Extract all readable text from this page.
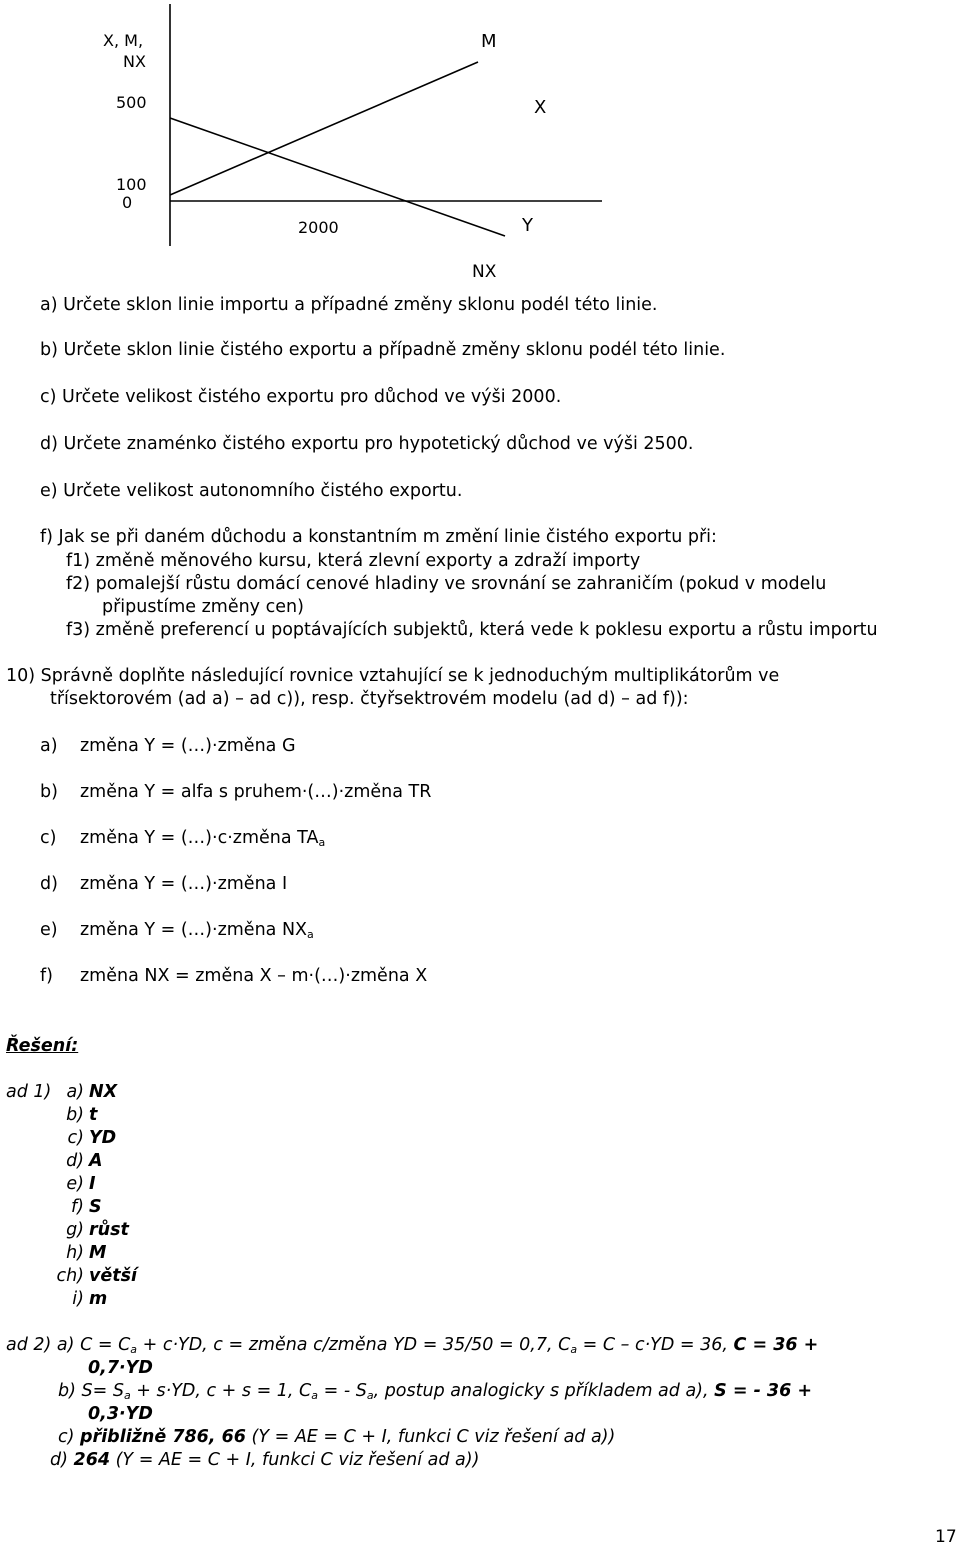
X, M,
NX
500
100
0
M
X
2000	Y
NX
a) Určete sklon linie importu a případné změny sklonu podél této linie.
b) Určete sklon linie čistého exportu a případně změny sklonu podél této linie.
c) Určete velikost čistého exportu pro důchod ve výši 2000.
d) Určete znaménko čistého exportu pro hypotetický důchod ve výši 2500.
e) Určete velikost autonomního čistého exportu.
f) Jak se při daném důchodu a konstantním m změní linie čistého exportu při:
f1) změně měnového kursu, která zlevní exporty a zdraží importy
f2) pomalejší růstu domácí cenové hladiny ve srovnání se zahraničím (pokud v modelu
připustíme změny cen)
f3) změně preferencí u poptávajících subjektů, která vede k poklesu exportu a růstu importu
10) Správně doplňte následující rovnice vztahující se k jednoduchým multiplikátorům ve
třísektorovém (ad a) – ad c)), resp. čtyřsektrovém modelu (ad d) – ad f)):
a) změna Y = (…)·změna G
b) změna Y = alfa s pruhem·(…)·změna TR
c) změna Y = (…)·c·změna $TA_a$
d) změna Y = (…)·změna I
e) změna Y = (…)·změna $NX_a$
f) změna NX = změna X – m·(…)·změna X
Řešení:
ad 1) a) NX
b) t
c) YD
d) A
e) I
f) S
g) růst
h) M
ch) větší
i) m
ad 2) a) $C = C_a + c\cdot YD$, c = změna c/změna YD = 35/50 = 0,7, $C_a = C - c\cdot YD = 36$, C = 36 +
0,7·YD
b) $S= S_a + s\cdot YD$, c + s = 1, $C_a$ = - $S_a$, postup analogicky s příkladem ad a), S = - 36 +
0,3·YD
c) přibližně 786, 66 (Y = AE = C + I, funkci C viz řešení ad a))
d) 264 (Y = AE = C + I, funkci C viz řešení ad a))
17
